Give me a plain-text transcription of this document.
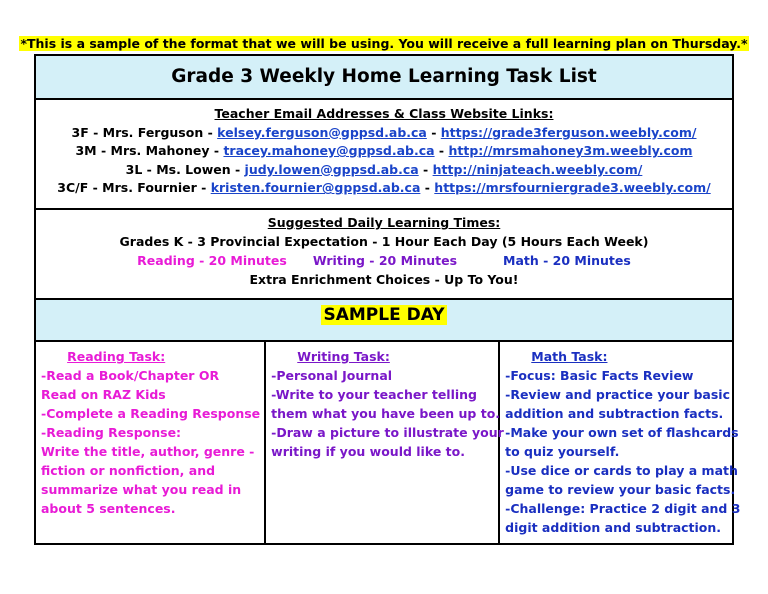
*This is a sample of the format that we will be using. You will receive a full learning plan on Thursday.*
Grade 3 Weekly Home Learning Task List
Teacher Email Addresses & Class Website Links:
3F - Mrs. Ferguson - kelsey.ferguson@gppsd.ab.ca - https://grade3ferguson.weebly.com/
3M - Mrs. Mahoney - tracey.mahoney@gppsd.ab.ca - http://mrsmahoney3m.weebly.com
3L - Ms. Lowen - judy.lowen@gppsd.ab.ca - http://ninjateach.weebly.com/
3C/F - Mrs. Fournier - kristen.fournier@gppsd.ab.ca - https://mrsfourniergrade3.weebly.com/
Suggested Daily Learning Times:
Grades K - 3 Provincial Expectation - 1 Hour Each Day (5 Hours Each Week)
Reading - 20 Minutes Writing - 20 Minutes	Math - 20 Minutes
Extra Enrichment Choices - Up To You!
SAMPLE DAY
Reading Task:
-Read a Book/Chapter OR
Read on RAZ Kids
-Complete a Reading Response
-Reading Response:
Write the title, author, genre -
fiction or nonfiction, and
summarize what you read in
about 5 sentences.
Writing Task:
-Personal Journal
-Write to your teacher telling
them what you have been up to.
-Draw a picture to illustrate your
writing if you would like to.
Math Task:
-Focus: Basic Facts Review
-Review and practice your basic
addition and subtraction facts.
-Make your own set of flashcards
to quiz yourself.
-Use dice or cards to play a math
game to review your basic facts.
-Challenge: Practice 2 digit and 3
digit addition and subtraction.
